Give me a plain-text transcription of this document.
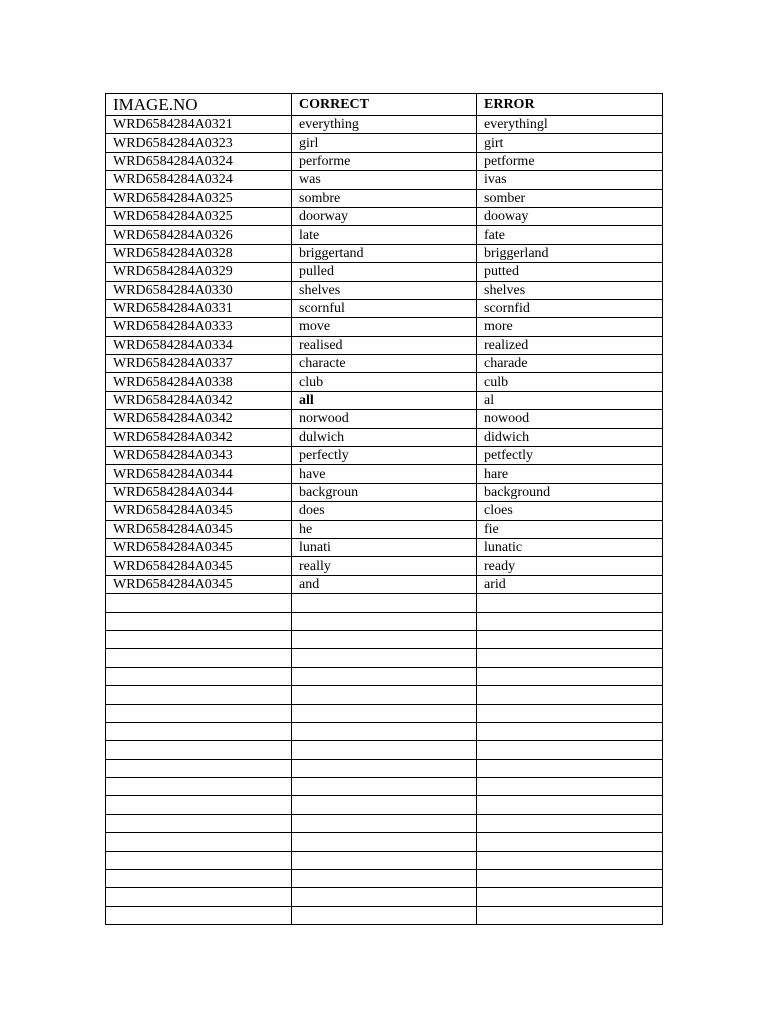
IMAGE.NO	CORRECT	ERROR
WRD6584284A0321	everything	everythingl
WRD6584284A0323	girl	girt
WRD6584284A0324	performe	petforme
WRD6584284A0324	was	ivas
WRD6584284A0325	sombre	somber
WRD6584284A0325	doorway	dooway
WRD6584284A0326	late	fate
WRD6584284A0328	briggertand	briggerland
WRD6584284A0329	pulled	putted
WRD6584284A0330	shelves	shelves
WRD6584284A0331	scornful	scornfid
WRD6584284A0333	move	more
WRD6584284A0334	realised	realized
WRD6584284A0337	characte	charade
WRD6584284A0338	club	culb
WRD6584284A0342	all	al
WRD6584284A0342	norwood	nowood
WRD6584284A0342	dulwich	didwich
WRD6584284A0343	perfectly	petfectly
WRD6584284A0344	have	hare
WRD6584284A0344	backgroun	background
WRD6584284A0345	does	cloes
WRD6584284A0345	he	fie
WRD6584284A0345	lunati	lunatic
WRD6584284A0345	really	ready
WRD6584284A0345	and	arid
